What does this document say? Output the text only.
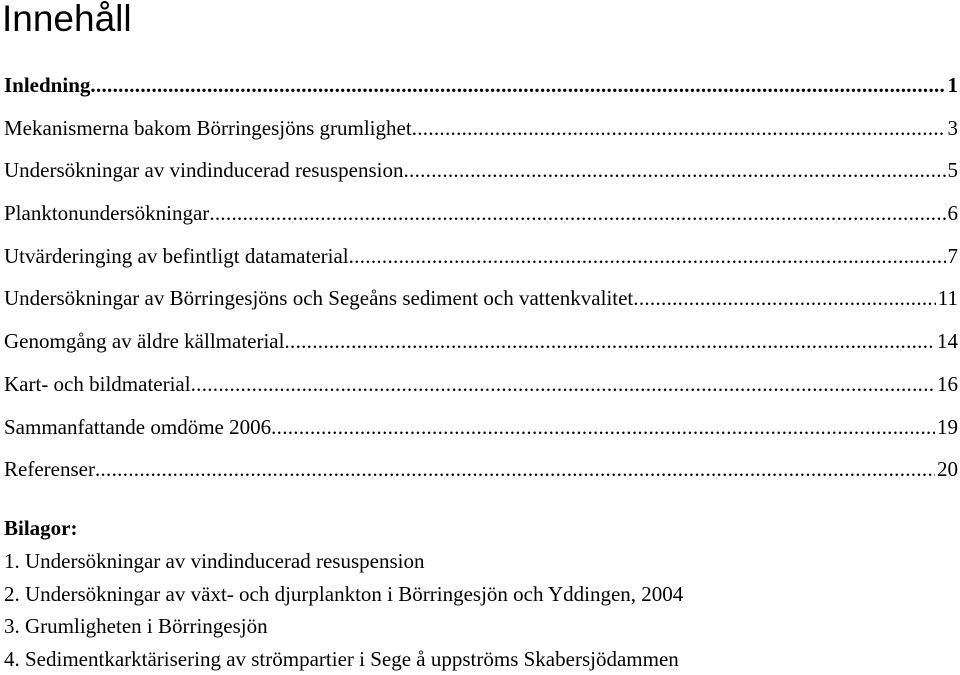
Innehåll
Inledning .....	1
Mekanismerna bakom Börringesjöns grumlighet .....	3
Undersökningar av vindinducerad resuspension .....	5
Planktonundersökningar .....	6
Utvärderinging av befintligt datamaterial .....	7
Undersökningar av Börringesjöns och Segeåns sediment och vattenkvalitet .....	11
Genomgång av äldre källmaterial .....	14
Kart- och bildmaterial .....	16
Sammanfattande omdöme 2006 .....	19
Referenser .....	20

Bilagor:

1. Undersökningar av vindinducerad resuspension
2. Undersökningar av växt- och djurplankton i Börringesjön och Yddingen, 2004
3. Grumligheten i Börringesjön
4. Sedimentkarktärisering av strömpartier i Sege å uppströms Skabersjödammen
